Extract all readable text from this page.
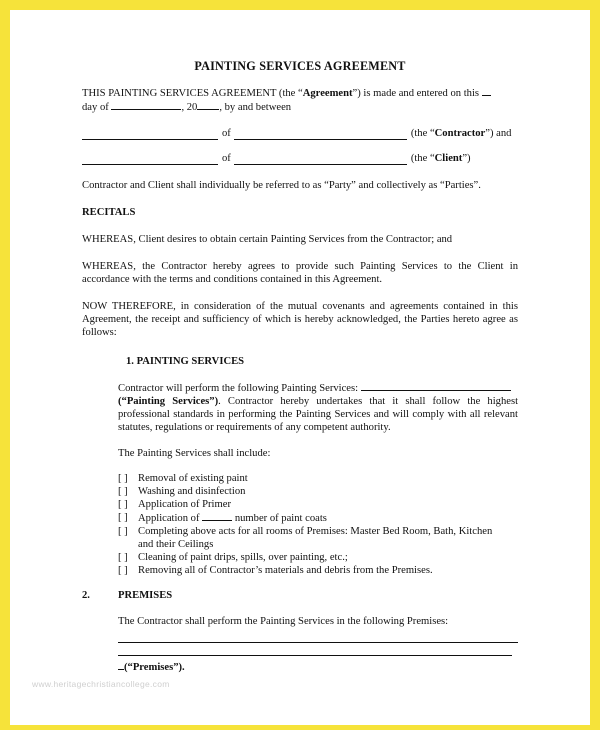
PAINTING SERVICES AGREEMENT

THIS PAINTING SERVICES AGREEMENT (the “Agreement”) is made and entered on this
day of	, 20 , by and between

of	(the “Contractor”) and
of	(the “Client”)

Contractor and Client shall individually be referred to as “Party” and collectively as “Parties”.

RECITALS

WHEREAS, Client desires to obtain certain Painting Services from the Contractor; and

WHEREAS, the Contractor hereby agrees to provide such Painting Services to the Client in accordance with the terms and conditions contained in this Agreement.

NOW THEREFORE, in consideration of the mutual covenants and agreements contained in this Agreement, the receipt and sufficiency of which is hereby acknowledged, the Parties hereto agree as follows:

1. PAINTING SERVICES

Contractor will perform the following Painting Services:
(“Painting Services”). Contractor hereby undertakes that it shall follow the highest professional standards in performing the Painting Services and will comply with all relevant statutes, regulations or requirements of any competent authority.

The Painting Services shall include:

[ ] Removal of existing paint
[ ] Washing and disinfection
[ ] Application of Primer
[ ] Application of	number of paint coats
[ ] Completing above acts for all rooms of Premises: Master Bed Room, Bath, Kitchen and their Ceilings
[ ] Cleaning of paint drips, spills, over painting, etc.;
[ ] Removing all of Contractor’s materials and debris from the Premises.
2.	PREMISES

The Contractor shall perform the Painting Services in the following Premises:

(“Premises”).

www.heritagechristiancollege.com
